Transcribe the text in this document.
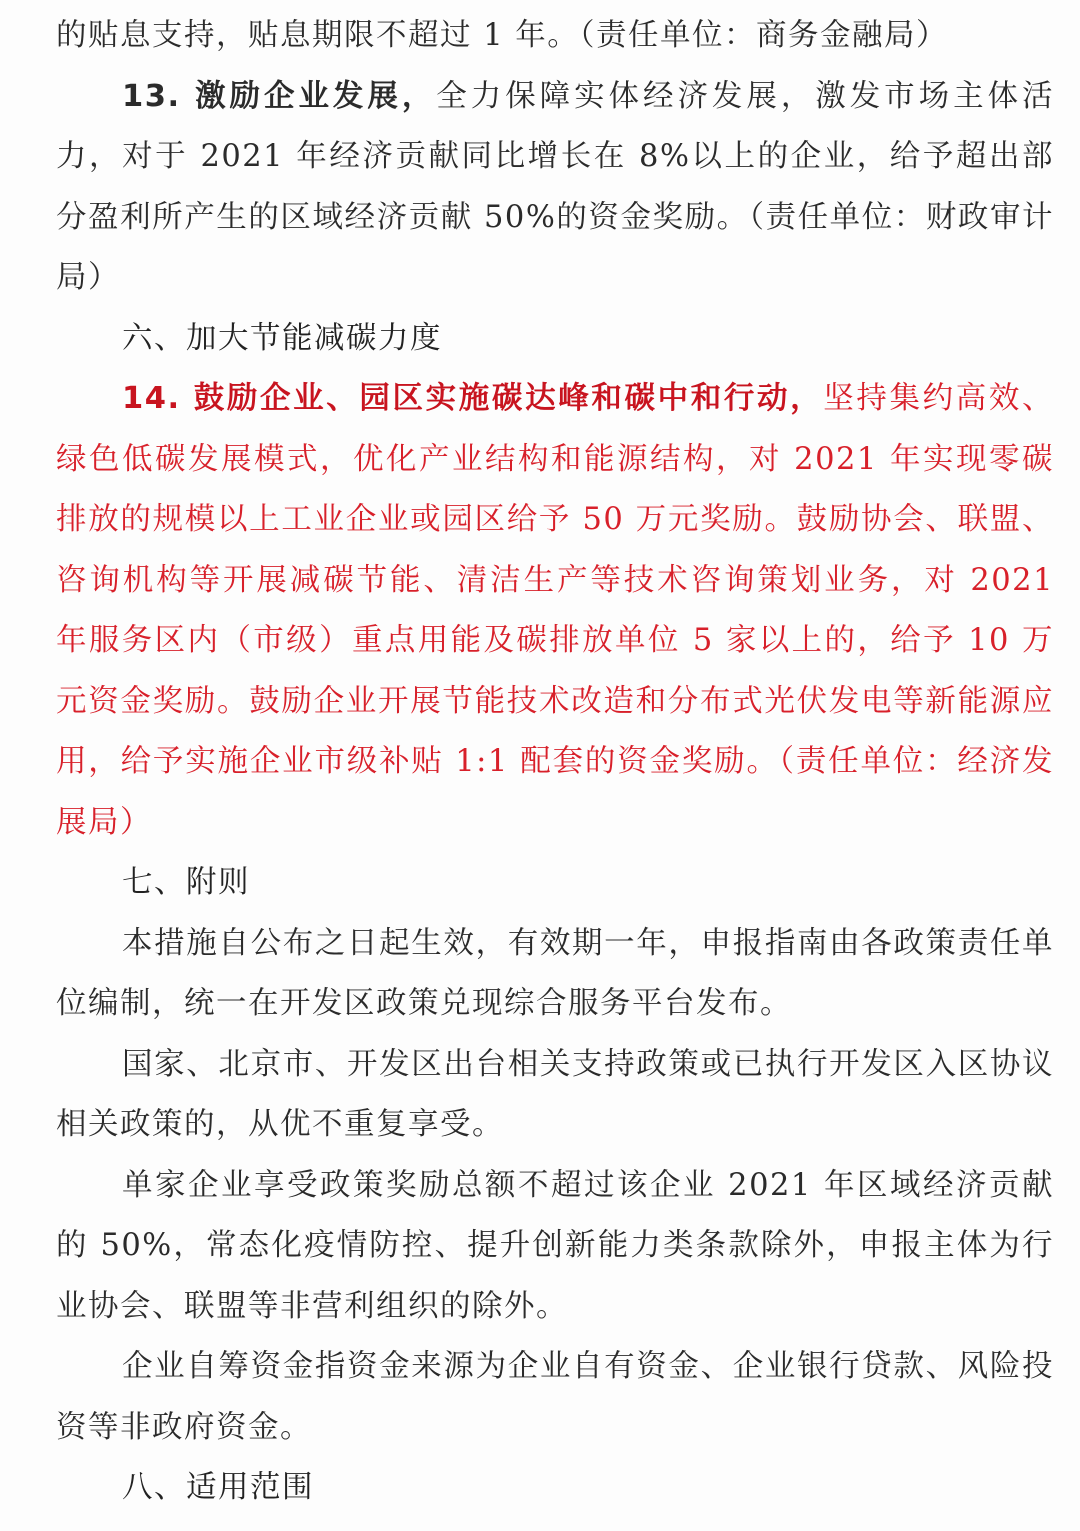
的贴息支持，贴息期限不超过 1 年。（责任单位：商务金融局）

13. 激励企业发展，全力保障实体经济发展，激发市场主体活力，对于 2021 年经济贡献同比增长在 8%以上的企业，给予超出部分盈利所产生的区域经济贡献 50%的资金奖励。（责任单位：财政审计局）

六、加大节能减碳力度

14. 鼓励企业、园区实施碳达峰和碳中和行动，坚持集约高效、绿色低碳发展模式，优化产业结构和能源结构，对 2021 年实现零碳排放的规模以上工业企业或园区给予 50 万元奖励。鼓励协会、联盟、咨询机构等开展减碳节能、清洁生产等技术咨询策划业务，对 2021 年服务区内（市级）重点用能及碳排放单位 5 家以上的，给予 10 万元资金奖励。鼓励企业开展节能技术改造和分布式光伏发电等新能源应用，给予实施企业市级补贴 1:1 配套的资金奖励。（责任单位：经济发展局）

七、附则

本措施自公布之日起生效，有效期一年，申报指南由各政策责任单位编制，统一在开发区政策兑现综合服务平台发布。

国家、北京市、开发区出台相关支持政策或已执行开发区入区协议相关政策的，从优不重复享受。

单家企业享受政策奖励总额不超过该企业 2021 年区域经济贡献的 50%，常态化疫情防控、提升创新能力类条款除外，申报主体为行业协会、联盟等非营利组织的除外。

企业自筹资金指资金来源为企业自有资金、企业银行贷款、风险投资等非政府资金。

八、适用范围
